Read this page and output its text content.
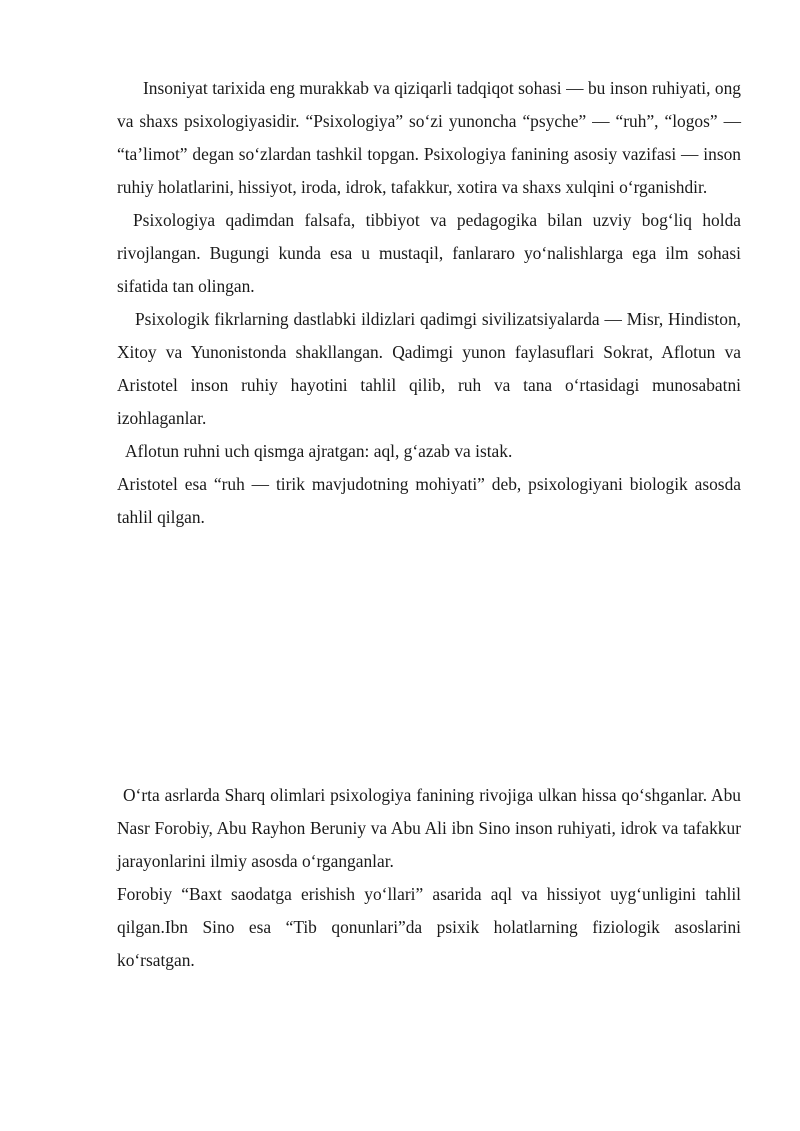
Insoniyat tarixida eng murakkab va qiziqarli tadqiqot sohasi — bu inson ruhiyati, ong va shaxs psixologiyasidir. “Psixologiya” so‘zi yunoncha “psyche” — “ruh”, “logos” — “ta’limot” degan so‘zlardan tashkil topgan. Psixologiya fanining asosiy vazifasi — inson ruhiy holatlarini, hissiyot, iroda, idrok, tafakkur, xotira va shaxs xulqini o‘rganishdir.

Psixologiya qadimdan falsafa, tibbiyot va pedagogika bilan uzviy bog‘liq holda rivojlangan. Bugungi kunda esa u mustaqil, fanlararo yo‘nalishlarga ega ilm sohasi sifatida tan olingan.

Psixologik fikrlarning dastlabki ildizlari qadimgi sivilizatsiyalarda — Misr, Hindiston, Xitoy va Yunonistonda shakllangan. Qadimgi yunon faylasuflari Sokrat, Aflotun va Aristotel inson ruhiy hayotini tahlil qilib, ruh va tana o‘rtasidagi munosabatni izohlaganlar.

Aflotun ruhni uch qismga ajratgan: aql, g‘azab va istak.

Aristotel esa “ruh — tirik mavjudotning mohiyati” deb, psixologiyani biologik asosda tahlil qilgan.

O‘rta asrlarda Sharq olimlari psixologiya fanining rivojiga ulkan hissa qo‘shganlar. Abu Nasr Forobiy, Abu Rayhon Beruniy va Abu Ali ibn Sino inson ruhiyati, idrok va tafakkur jarayonlarini ilmiy asosda o‘rganganlar.

Forobiy “Baxt saodatga erishish yo‘llari” asarida aql va hissiyot uyg‘unligini tahlil qilgan.Ibn Sino esa “Tib qonunlari”da psixik holatlarning fiziologik asoslarini ko‘rsatgan.
